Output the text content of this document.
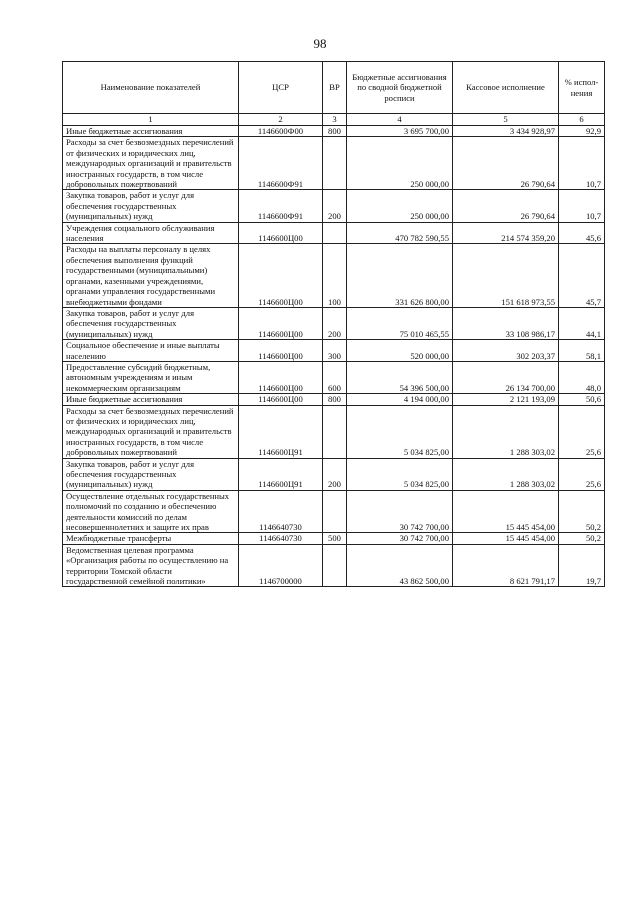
98
Наименование показателей	ЦСР	ВР	Бюджетные ассигнования по сводной бюджетной росписи	Кассовое исполнение	% испол-нения
1	2	3	4	5	6
Иные бюджетные ассигнования	1146600Ф00	800	3 695 700,00	3 434 928,97	92,9
Расходы за счет безвозмездных перечислений от физических и юридических лиц, международных организаций и правительств иностранных государств, в том числе добровольных пожертвований	1146600Ф91		250 000,00	26 790,64	10,7
Закупка товаров, работ и услуг для обеспечения государственных (муниципальных) нужд	1146600Ф91	200	250 000,00	26 790,64	10,7
Учреждения социального обслуживания населения	1146600Ц00		470 782 590,55	214 574 359,20	45,6
Расходы на выплаты персоналу в целях обеспечения выполнения функций государственными (муниципальными) органами, казенными учреждениями, органами управления государственными внебюджетными фондами	1146600Ц00	100	331 626 800,00	151 618 973,55	45,7
Закупка товаров, работ и услуг для обеспечения государственных (муниципальных) нужд	1146600Ц00	200	75 010 465,55	33 108 986,17	44,1
Социальное обеспечение и иные выплаты населению	1146600Ц00	300	520 000,00	302 203,37	58,1
Предоставление субсидий бюджетным, автономным учреждениям и иным некоммерческим организациям	1146600Ц00	600	54 396 500,00	26 134 700,00	48,0
Иные бюджетные ассигнования	1146600Ц00	800	4 194 000,00	2 121 193,09	50,6
Расходы за счет безвозмездных перечислений от физических и юридических лиц, международных организаций и правительств иностранных государств, в том числе добровольных пожертвований	1146600Ц91		5 034 825,00	1 288 303,02	25,6
Закупка товаров, работ и услуг для обеспечения государственных (муниципальных) нужд	1146600Ц91	200	5 034 825,00	1 288 303,02	25,6
Осуществление отдельных государственных полномочий по созданию и обеспечению деятельности комиссий по делам несовершеннолетних и защите их прав	1146640730		30 742 700,00	15 445 454,00	50,2
Межбюджетные трансферты	1146640730	500	30 742 700,00	15 445 454,00	50,2
Ведомственная целевая программа «Организация работы по осуществлению на территории Томской области государственной семейной политики»	1146700000		43 862 500,00	8 621 791,17	19,7
